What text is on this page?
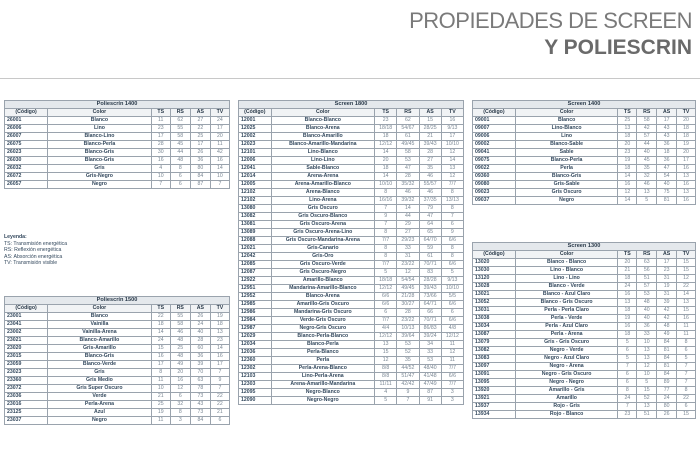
PROPIEDADES DE SCREEN
Y POLIESCRIN
Poliescrín 1400					
(Código)	Color	TS	RS	AS	TV
26001	Blanco	11	62	27	24
26006	Lino	23	55	22	17
26007	Blanco-Lino	17	58	25	20
26075	Blanco-Perla	28	45	17	11
26023	Blanco-Gris	30	44	26	42
26030	Blanco-Gris	16	48	36	16
26032	Gris	4	8	80	14
26072	Gris-Negro	10	6	84	10
26057	Negro	7	6	87	7
Poliescrín 1500					
(Código)	Color	TS	RS	AS	TV
23001	Blanco	22	55	26	19
23041	Vainilla	18	58	24	18
23002	Vainilla-Arena	14	46	40	13
23021	Blanco-Amarillo	24	48	28	23
23020	Gris-Amarillo	15	25	60	14
23015	Blanco-Gris	16	48	36	16
23059	Blanco-Verde	17	49	39	17
23023	Gris	8	20	70	7
23360	Gris Medio	11	16	63	9
23072	Gris Super Oscuro	10	12	78	7
23036	Verde	21	6	73	22
23016	Perla-Arena	25	32	43	22
23125	Azul	19	8	73	21
23037	Negro	11	3	84	6
Screen 1800					
(Código)	Color	TS	RS	AS	TV
12001	Blanco-Blanco	23	62	15	16
12025	Blanco-Arena	18/18	54/67	28/25	9/13
12002	Blanco-Amarillo	18	61	21	17
12023	Blanco-Amarillo-Mandarina	12/12	49/45	39/43	10/10
12101	Lino-Blanco	14	58	28	12
12006	Lino-Lino	20	53	27	14
12041	Sable-Blanco	18	47	35	13
12014	Arena-Arena	14	28	46	12
12005	Arena-Amarillo-Blanco	10/10	35/32	55/57	7/7
12102	Arena-Blanco	8	46	46	8
12102	Lino-Arena	16/16	39/32	37/35	13/13
13080	Gris Oscuro	7	14	79	8
13082	Gris Oscuro-Blanco	9	44	47	7
13081	Gris Oscuro-Arena	7	29	64	6
13089	Gris Oscuro-Arena-Lino	8	27	65	9
12088	Gris Oscuro-Mandarina-Arena	7/7	29/23	64/70	6/6
12021	Gris-Canario	8	33	59	8
12042	Gris-Oro	8	31	61	8
12085	Gris Oscuro-Verde	7/7	23/22	70/71	6/6
12087	Gris Oscuro-Negro	5	12	83	5
12922	Amarillo-Blanco	18/18	54/54	28/28	9/13
12951	Mandarina-Amarillo-Blanco	12/12	49/45	39/43	10/10
12952	Blanco-Arena	6/6	21/28	73/66	5/5
12985	Amarillo-Gris Oscuro	6/6	30/27	64/71	6/6
12986	Mandarina-Gris Oscuro	6	28	66	6
12984	Verde-Gris Oscuro	7/7	23/22	70/71	6/6
12987	Negro-Gris Oscuro	4/4	10/13	86/83	4/8
12029	Blanco-Perla-Blanco	12/12	39/64	39/24	12/12
12034	Blanco-Perla	13	53	34	11
12036	Perla-Blanco	15	52	33	12
12360	Perla	12	35	53	11
12302	Perla-Arena-Blanco	8/8	44/52	48/40	7/7
12103	Lino-Perla-Arena	8/8	51/47	41/48	6/6
12303	Arena-Amarillo-Mandarina	11/11	42/42	47/49	7/7
12095	Negro-Blanco	4	9	87	3
12090	Negro-Negro	5	7	91	3
Screen 1400					
(Código)	Color	TS	RS	AS	TV
09001	Blanco	25	58	17	20
09007	Lino-Blanco	13	42	43	18
09006	Lino	18	57	43	18
09002	Blanco-Sable	20	44	36	19
09041	Sable	23	40	18	20
09075	Blanco-Perla	19	45	36	17
09022	Perla	18	35	47	16
09360	Blanco-Gris	14	32	54	13
09080	Gris-Sable	16	46	40	16
09023	Gris Oscuro	12	13	75	13
09037	Negro	14	5	81	16
Screen 1300					
(Código)	Color	TS	RS	AS	TV
13020	Blanco - Blanco	20	63	17	15
13030	Lino - Blanco	21	56	23	15
13120	Lino - Lino	18	51	31	12
13028	Blanco - Verde	24	57	19	22
13021	Blanco - Azul Claro	16	53	31	14
13052	Blanco - Gris Oscuro	13	48	39	13
13031	Perla - Perla Claro	18	40	42	15
13038	Perla - Verde	19	40	42	16
13034	Perla - Azul Claro	16	36	48	11
13087	Perla - Arena	18	33	49	11
13079	Gris - Gris Oscuro	5	10	84	8
13082	Negro - Verde	6	13	81	6
13083	Negro - Azul Claro	5	13	84	5
13097	Negro - Arena	7	12	81	7
13091	Negro - Gris Oscuro	6	10	84	7
13095	Negro - Negro	6	5	89	7
13920	Amarillo - Gris	8	15	77	8
13921	Amarillo	24	52	24	22
13937	Rojo - Gris	7	13	80	6
13934	Rojo - Blanco	23	51	26	15
Leyenda:
TS: Transmisión energética
RS: Reflexión energética
AS: Absorción energética
TV: Transmisión visible
